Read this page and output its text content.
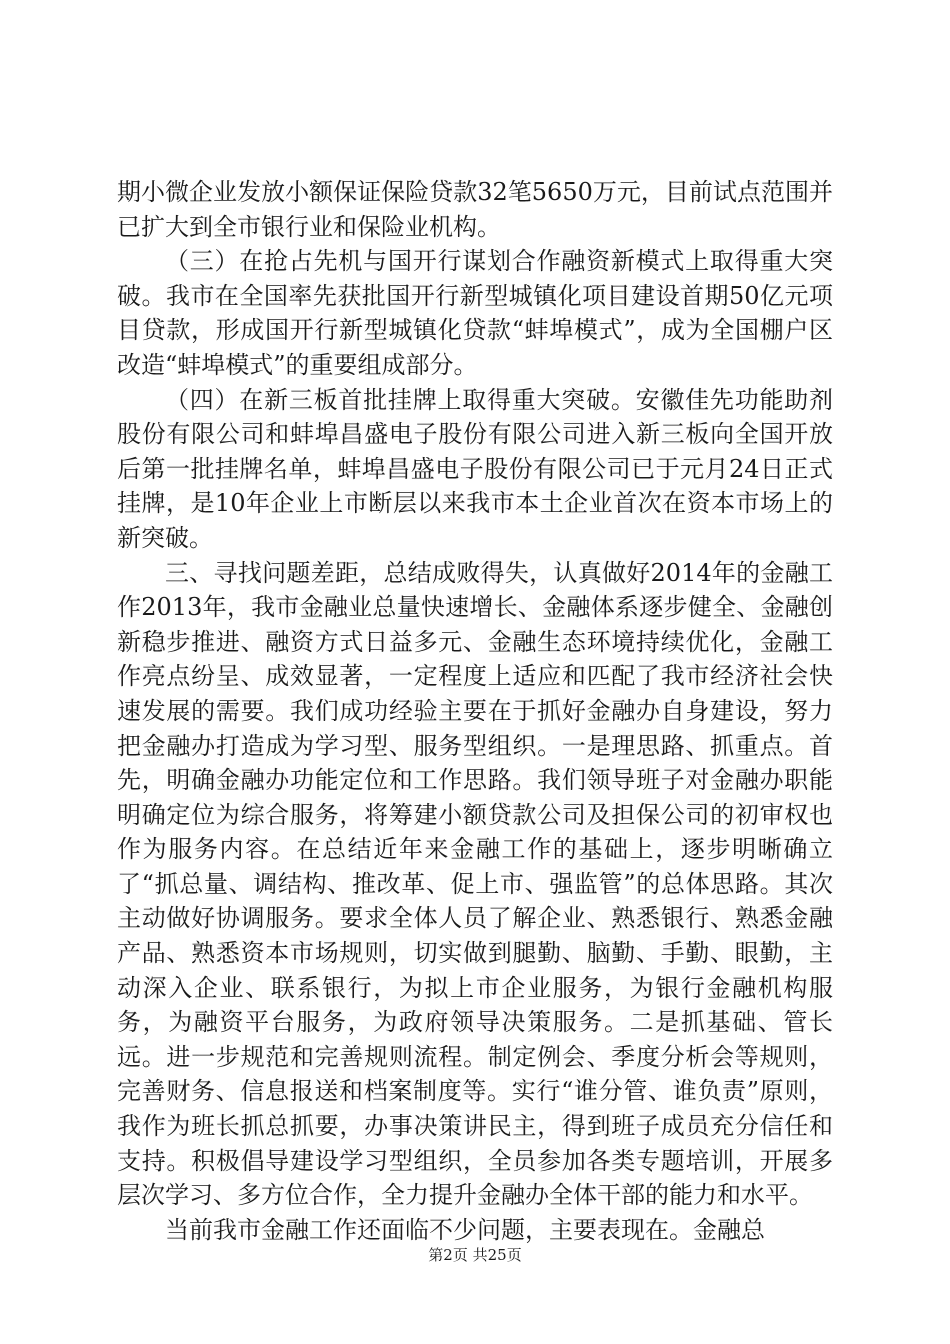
期小微企业发放小额保证保险贷款32笔5650万元，目前试点范围并已扩大到全市银行业和保险业机构。

（三）在抢占先机与国开行谋划合作融资新模式上取得重大突破。我市在全国率先获批国开行新型城镇化项目建设首期50亿元项目贷款，形成国开行新型城镇化贷款“蚌埠模式”，成为全国棚户区改造“蚌埠模式”的重要组成部分。

（四）在新三板首批挂牌上取得重大突破。安徽佳先功能助剂股份有限公司和蚌埠昌盛电子股份有限公司进入新三板向全国开放后第一批挂牌名单，蚌埠昌盛电子股份有限公司已于元月24日正式挂牌，是10年企业上市断层以来我市本土企业首次在资本市场上的新突破。

三、寻找问题差距，总结成败得失，认真做好2014年的金融工作2013年，我市金融业总量快速增长、金融体系逐步健全、金融创新稳步推进、融资方式日益多元、金融生态环境持续优化，金融工作亮点纷呈、成效显著，一定程度上适应和匹配了我市经济社会快速发展的需要。我们成功经验主要在于抓好金融办自身建设，努力把金融办打造成为学习型、服务型组织。一是理思路、抓重点。首先，明确金融办功能定位和工作思路。我们领导班子对金融办职能明确定位为综合服务，将筹建小额贷款公司及担保公司的初审权也作为服务内容。在总结近年来金融工作的基础上，逐步明晰确立了“抓总量、调结构、推改革、促上市、强监管”的总体思路。其次主动做好协调服务。要求全体人员了解企业、熟悉银行、熟悉金融产品、熟悉资本市场规则，切实做到腿勤、脑勤、手勤、眼勤，主动深入企业、联系银行，为拟上市企业服务，为银行金融机构服务，为融资平台服务，为政府领导决策服务。二是抓基础、管长远。进一步规范和完善规则流程。制定例会、季度分析会等规则，完善财务、信息报送和档案制度等。实行“谁分管、谁负责”原则，我作为班长抓总抓要，办事决策讲民主，得到班子成员充分信任和支持。积极倡导建设学习型组织，全员参加各类专题培训，开展多层次学习、多方位合作，全力提升金融办全体干部的能力和水平。

当前我市金融工作还面临不少问题，主要表现在。金融总

第2页 共25页
